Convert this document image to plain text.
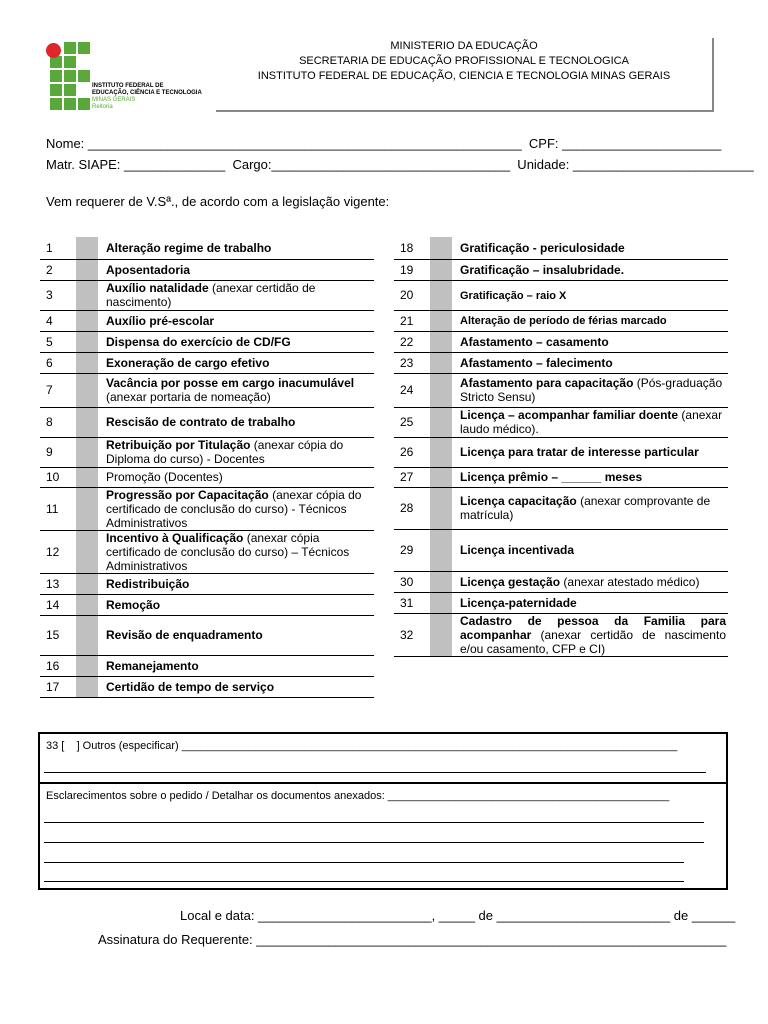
INSTITUTO FEDERAL DE
EDUCAÇÃO, CIÊNCIA E TECNOLOGIA
MINAS GERAIS
Reitoria
MINISTERIO DA EDUCAÇÃO
SECRETARIA DE EDUCAÇÃO PROFISSIONAL E TECNOLOGICA
INSTITUTO FEDERAL DE EDUCAÇÃO, CIENCIA E TECNOLOGIA MINAS GERAIS
Nome: ____________________________________________________________  CPF: ______________________
Matr. SIAPE: ______________  Cargo:_________________________________  Unidade: _________________________
Vem requerer de V.Sª., de acordo com a legislação vigente:
1		Alteração regime de trabalho
2		Aposentadoria
3		Auxílio natalidade (anexar certidão de nascimento)
4		Auxílio pré-escolar
5		Dispensa do exercício de CD/FG
6		Exoneração de cargo efetivo
7		Vacância por posse em cargo inacumulável (anexar portaria de nomeação)
8		Rescisão de contrato de trabalho
9		Retribuição por Titulação (anexar cópia do Diploma do curso) - Docentes
10		Promoção (Docentes)
11		Progressão por Capacitação (anexar cópia do certificado de conclusão do curso) - Técnicos Administrativos
12		Incentivo à Qualificação (anexar cópia certificado de conclusão do curso) – Técnicos Administrativos
13		Redistribuição
14		Remoção
15		Revisão de enquadramento
16		Remanejamento
17		Certidão de tempo de serviço
18		Gratificação - periculosidade
19		Gratificação – insalubridade.
20		Gratificação – raio X
21		Alteração de período de férias marcado
22		Afastamento – casamento
23		Afastamento – falecimento
24		Afastamento para capacitação (Pós-graduação Stricto Sensu)
25		Licença – acompanhar familiar doente (anexar laudo médico).
26		Licença para tratar de interesse particular
27		Licença prêmio – ______ meses
28		Licença capacitação (anexar comprovante de matrícula)
29		Licença incentivada
30		Licença gestação (anexar atestado médico)
31		Licença-paternidade
32		Cadastro de pessoa da Familia para acompanhar (anexar certidão de nascimento e/ou casamento, CFP e CI)
33 [    ] Outros (especificar) _________________________________________________________________________________
Esclarecimentos sobre o pedido / Detalhar os documentos anexados: ______________________________________________
Local e data: ________________________, _____ de ________________________ de ______
Assinatura do Requerente: _________________________________________________________________
